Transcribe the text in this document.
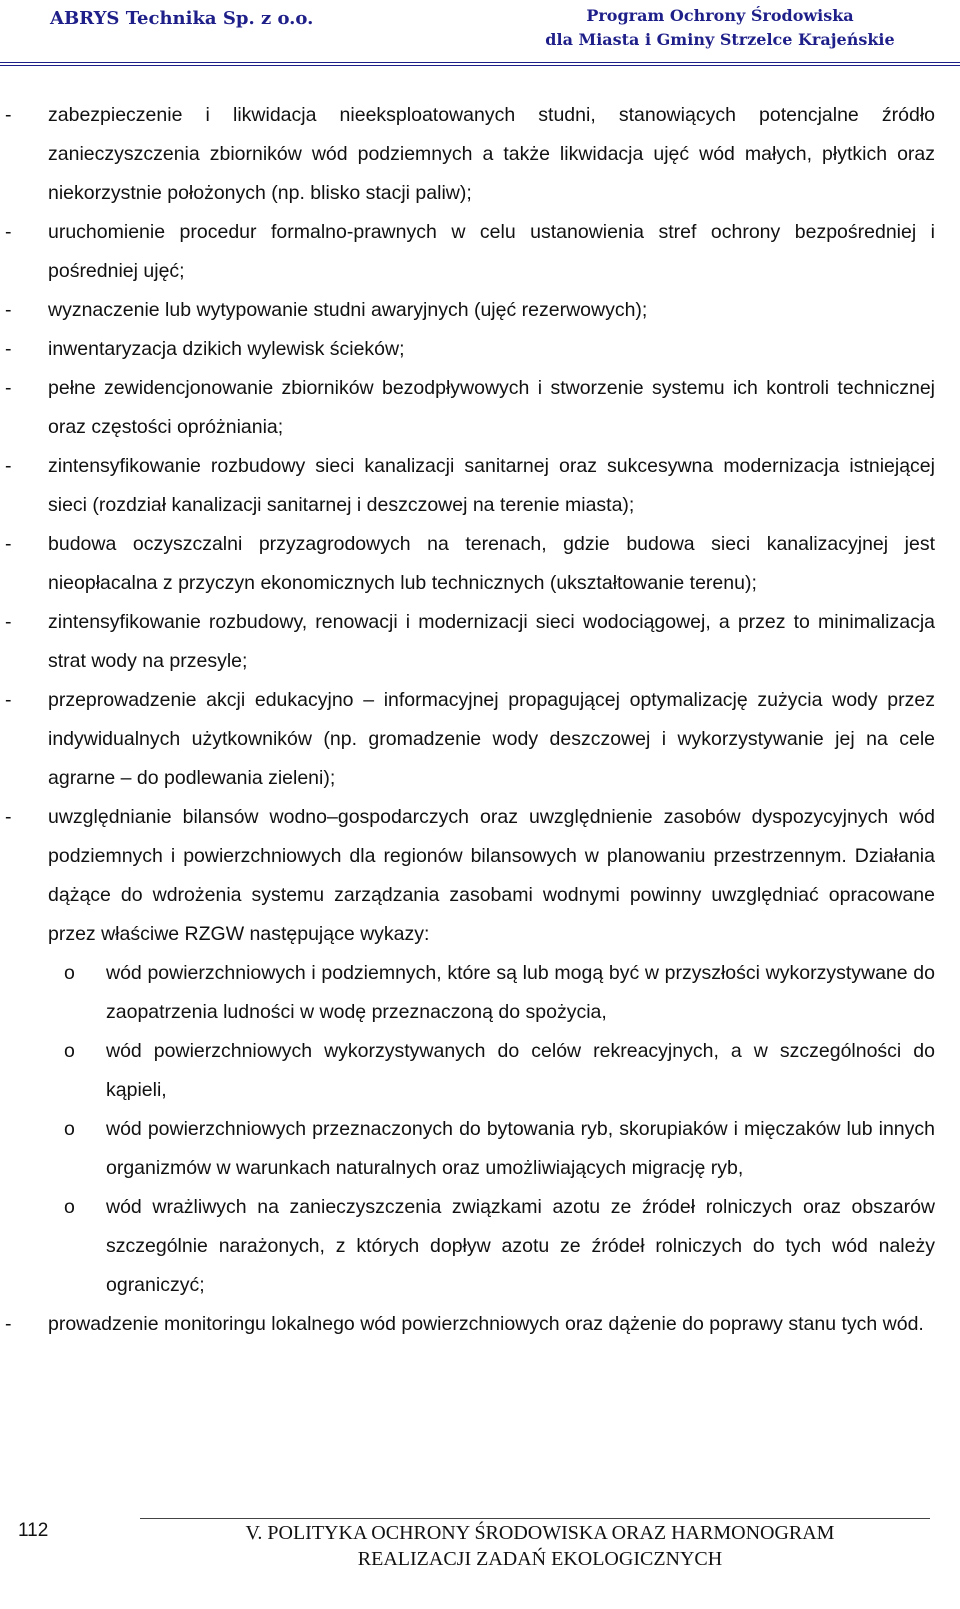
ABRYS Technika Sp. z o.o.	Program Ochrony Środowiska
dla Miasta i Gminy Strzelce Krajeńskie

- zabezpieczenie i likwidacja nieeksploatowanych studni, stanowiących potencjalne źródło zanieczyszczenia zbiorników wód podziemnych a także likwidacja ujęć wód małych, płytkich oraz niekorzystnie położonych (np. blisko stacji paliw);

- uruchomienie procedur formalno-prawnych w celu ustanowienia stref ochrony bezpośredniej i pośredniej ujęć;

- wyznaczenie lub wytypowanie studni awaryjnych (ujęć rezerwowych);

- inwentaryzacja dzikich wylewisk ścieków;

- pełne zewidencjonowanie zbiorników bezodpływowych i stworzenie systemu ich kontroli technicznej oraz częstości opróżniania;

- zintensyfikowanie rozbudowy sieci kanalizacji sanitarnej oraz sukcesywna modernizacja istniejącej sieci (rozdział kanalizacji sanitarnej i deszczowej na terenie miasta);

- budowa oczyszczalni przyzagrodowych na terenach, gdzie budowa sieci kanalizacyjnej jest nieopłacalna z przyczyn ekonomicznych lub technicznych (ukształtowanie terenu);

- zintensyfikowanie rozbudowy, renowacji i modernizacji sieci wodociągowej, a przez to minimalizacja strat wody na przesyle;

- przeprowadzenie akcji edukacyjno – informacyjnej propagującej optymalizację zużycia wody przez indywidualnych użytkowników (np. gromadzenie wody deszczowej i wykorzystywanie jej na cele agrarne – do podlewania zieleni);

- uwzględnianie bilansów wodno–gospodarczych oraz uwzględnienie zasobów dyspozycyjnych wód podziemnych i powierzchniowych dla regionów bilansowych w planowaniu przestrzennym. Działania dążące do wdrożenia systemu zarządzania zasobami wodnymi powinny uwzględniać opracowane przez właściwe RZGW następujące wykazy:

o wód powierzchniowych i podziemnych, które są lub mogą być w przyszłości wykorzystywane do zaopatrzenia ludności w wodę przeznaczoną do spożycia,

o wód powierzchniowych wykorzystywanych do celów rekreacyjnych, a w szczególności do kąpieli,

o wód powierzchniowych przeznaczonych do bytowania ryb, skorupiaków i mięczaków lub innych organizmów w warunkach naturalnych oraz umożliwiających migrację ryb,

o wód wrażliwych na zanieczyszczenia związkami azotu ze źródeł rolniczych oraz obszarów szczególnie narażonych, z których dopływ azotu ze źródeł rolniczych do tych wód należy ograniczyć;

- prowadzenie monitoringu lokalnego wód powierzchniowych oraz dążenie do poprawy stanu tych wód.

112	V. POLITYKA OCHRONY ŚRODOWISKA ORAZ HARMONOGRAM
REALIZACJI ZADAŃ EKOLOGICZNYCH
